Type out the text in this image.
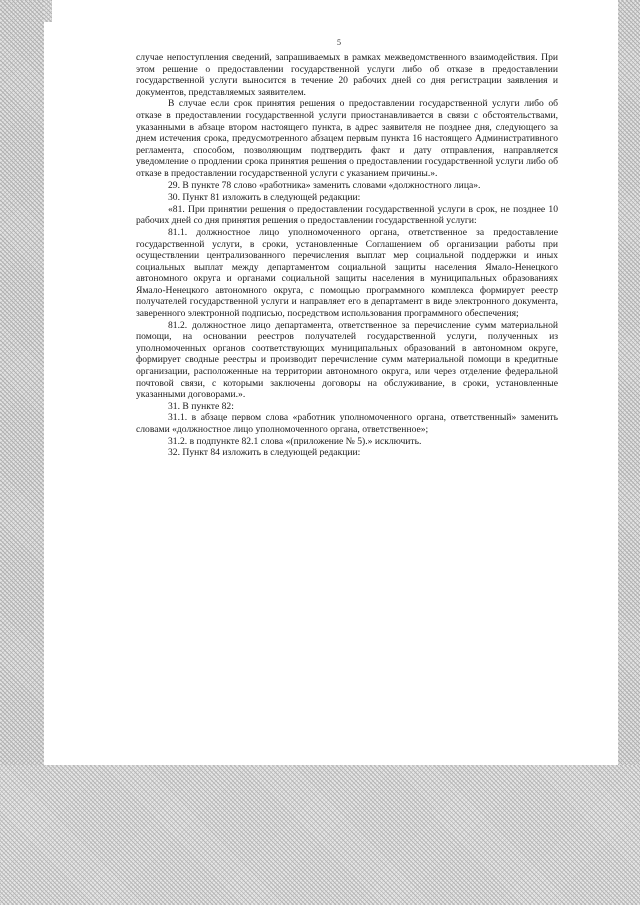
5

случае непоступления сведений, запрашиваемых в рамках межведомственного взаимодействия. При этом решение о предоставлении государственной услуги либо об отказе в предоставлении государственной услуги выносится в течение 20 рабочих дней со дня регистрации заявления и документов, представляемых заявителем.

В случае если срок принятия решения о предоставлении государственной услуги либо об отказе в предоставлении государственной услуги приостанавливается в связи с обстоятельствами, указанными в абзаце втором настоящего пункта, в адрес заявителя не позднее дня, следующего за днем истечения срока, предусмотренного абзацем первым пункта 16 настоящего Административного регламента, способом, позволяющим подтвердить факт и дату отправления, направляется уведомление о продлении срока принятия решения о предоставлении государственной услуги либо об отказе в предоставлении государственной услуги с указанием причины.».

29. В пункте 78 слово «работника» заменить словами «должностного лица».

30. Пункт 81 изложить в следующей редакции:

«81. При принятии решения о предоставлении государственной услуги в срок, не позднее 10 рабочих дней со дня принятия решения о предоставлении государственной услуги:

81.1. должностное лицо уполномоченного органа, ответственное за предоставление государственной услуги, в сроки, установленные Соглашением об организации работы при осуществлении централизованного перечисления выплат мер социальной поддержки и иных социальных выплат между департаментом социальной защиты населения Ямало-Ненецкого автономного округа и органами социальной защиты населения в муниципальных образованиях Ямало-Ненецкого автономного округа, с помощью программного комплекса формирует реестр получателей государственной услуги и направляет его в департамент в виде электронного документа, заверенного электронной подписью, посредством использования программного обеспечения;

81.2. должностное лицо департамента, ответственное за перечисление сумм материальной помощи, на основании реестров получателей государственной услуги, полученных из уполномоченных органов соответствующих муниципальных образований в автономном округе, формирует сводные реестры и производит перечисление сумм материальной помощи в кредитные организации, расположенные на территории автономного округа, или через отделение федеральной почтовой связи, с которыми заключены договоры на обслуживание, в сроки, установленные указанными договорами.».

31. В пункте 82:

31.1. в абзаце первом слова «работник уполномоченного органа, ответственный» заменить словами «должностное лицо уполномоченного органа, ответственное»;

31.2. в подпункте 82.1 слова «(приложение № 5).» исключить.

32. Пункт 84 изложить в следующей редакции:
